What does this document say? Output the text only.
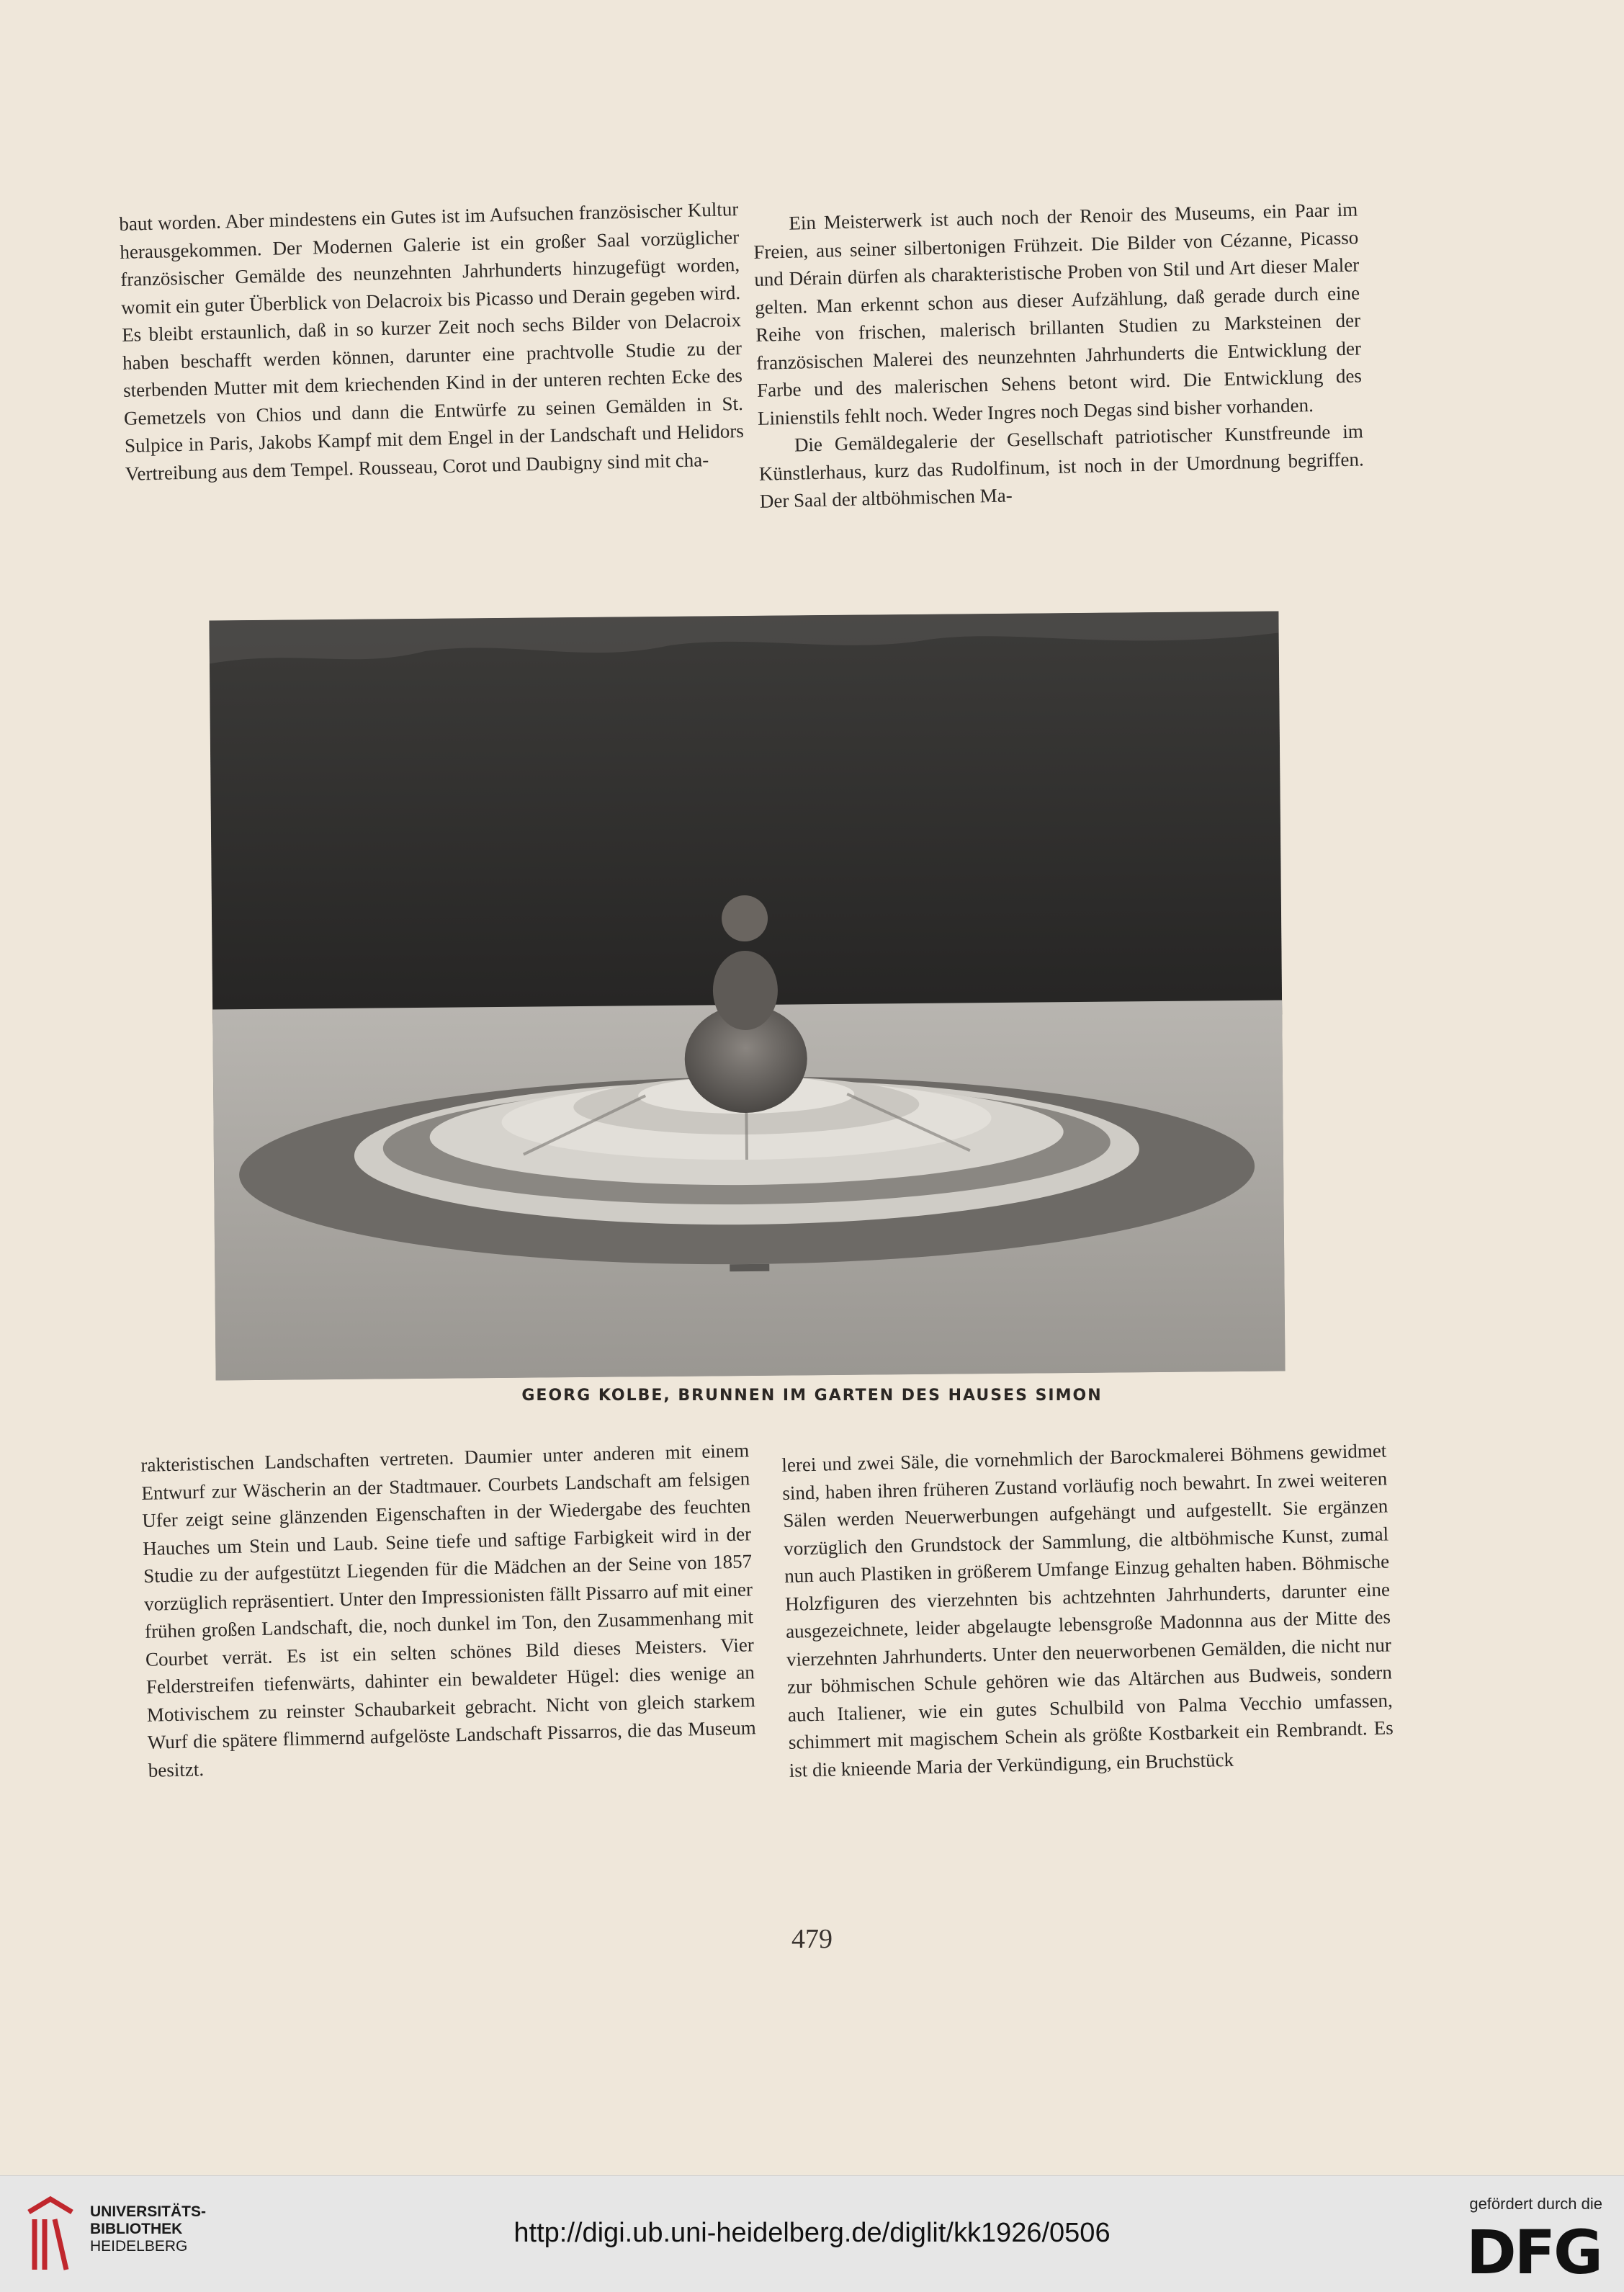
baut worden. Aber mindestens ein Gutes ist im Aufsuchen französischer Kultur herausgekommen. Der Modernen Galerie ist ein großer Saal vorzüglicher französischer Gemälde des neunzehnten Jahrhunderts hinzugefügt worden, womit ein guter Überblick von Delacroix bis Picasso und Derain gegeben wird. Es bleibt erstaunlich, daß in so kurzer Zeit noch sechs Bilder von Delacroix haben beschafft werden können, darunter eine prachtvolle Studie zu der sterbenden Mutter mit dem kriechenden Kind in der unteren rechten Ecke des Gemetzels von Chios und dann die Entwürfe zu seinen Gemälden in St. Sulpice in Paris, Jakobs Kampf mit dem Engel in der Landschaft und Helidors Vertreibung aus dem Tempel. Rousseau, Corot und Daubigny sind mit cha-

Ein Meisterwerk ist auch noch der Renoir des Museums, ein Paar im Freien, aus seiner silbertonigen Frühzeit. Die Bilder von Cézanne, Picasso und Dérain dürfen als charakteristische Proben von Stil und Art dieser Maler gelten. Man erkennt schon aus dieser Aufzählung, daß gerade durch eine Reihe von frischen, malerisch brillanten Studien zu Marksteinen der französischen Malerei des neunzehnten Jahrhunderts die Entwicklung der Farbe und des malerischen Sehens betont wird. Die Entwicklung des Linienstils fehlt noch. Weder Ingres noch Degas sind bisher vorhanden.

Die Gemäldegalerie der Gesellschaft patriotischer Kunstfreunde im Künstlerhaus, kurz das Rudolfinum, ist noch in der Umordnung begriffen. Der Saal der altböhmischen Ma-

GEORG KOLBE, BRUNNEN IM GARTEN DES HAUSES SIMON

rakteristischen Landschaften vertreten. Daumier unter anderen mit einem Entwurf zur Wäscherin an der Stadtmauer. Courbets Landschaft am felsigen Ufer zeigt seine glänzenden Eigenschaften in der Wiedergabe des feuchten Hauches um Stein und Laub. Seine tiefe und saftige Farbigkeit wird in der Studie zu der aufgestützt Liegenden für die Mädchen an der Seine von 1857 vorzüglich repräsentiert. Unter den Impressionisten fällt Pissarro auf mit einer frühen großen Landschaft, die, noch dunkel im Ton, den Zusammenhang mit Courbet verrät. Es ist ein selten schönes Bild dieses Meisters. Vier Felderstreifen tiefenwärts, dahinter ein bewaldeter Hügel: dies wenige an Motivischem zu reinster Schaubarkeit gebracht. Nicht von gleich starkem Wurf die spätere flimmernd aufgelöste Landschaft Pissarros, die das Museum besitzt.

lerei und zwei Säle, die vornehmlich der Barockmalerei Böhmens gewidmet sind, haben ihren früheren Zustand vorläufig noch bewahrt. In zwei weiteren Sälen werden Neuerwerbungen aufgehängt und aufgestellt. Sie ergänzen vorzüglich den Grundstock der Sammlung, die altböhmische Kunst, zumal nun auch Plastiken in größerem Umfange Einzug gehalten haben. Böhmische Holzfiguren des vierzehnten bis achtzehnten Jahrhunderts, darunter eine ausgezeichnete, leider abgelaugte lebensgroße Madonnna aus der Mitte des vierzehnten Jahrhunderts. Unter den neuerworbenen Gemälden, die nicht nur zur böhmischen Schule gehören wie das Altärchen aus Budweis, sondern auch Italiener, wie ein gutes Schulbild von Palma Vecchio umfassen, schimmert mit magischem Schein als größte Kostbarkeit ein Rembrandt. Es ist die knieende Maria der Verkündigung, ein Bruchstück

479
UNIVERSITÄTS-
BIBLIOTHEK
HEIDELBERG	http://digi.ub.uni-heidelberg.de/diglit/kk1926/0506
gefördert durch die
DFG
